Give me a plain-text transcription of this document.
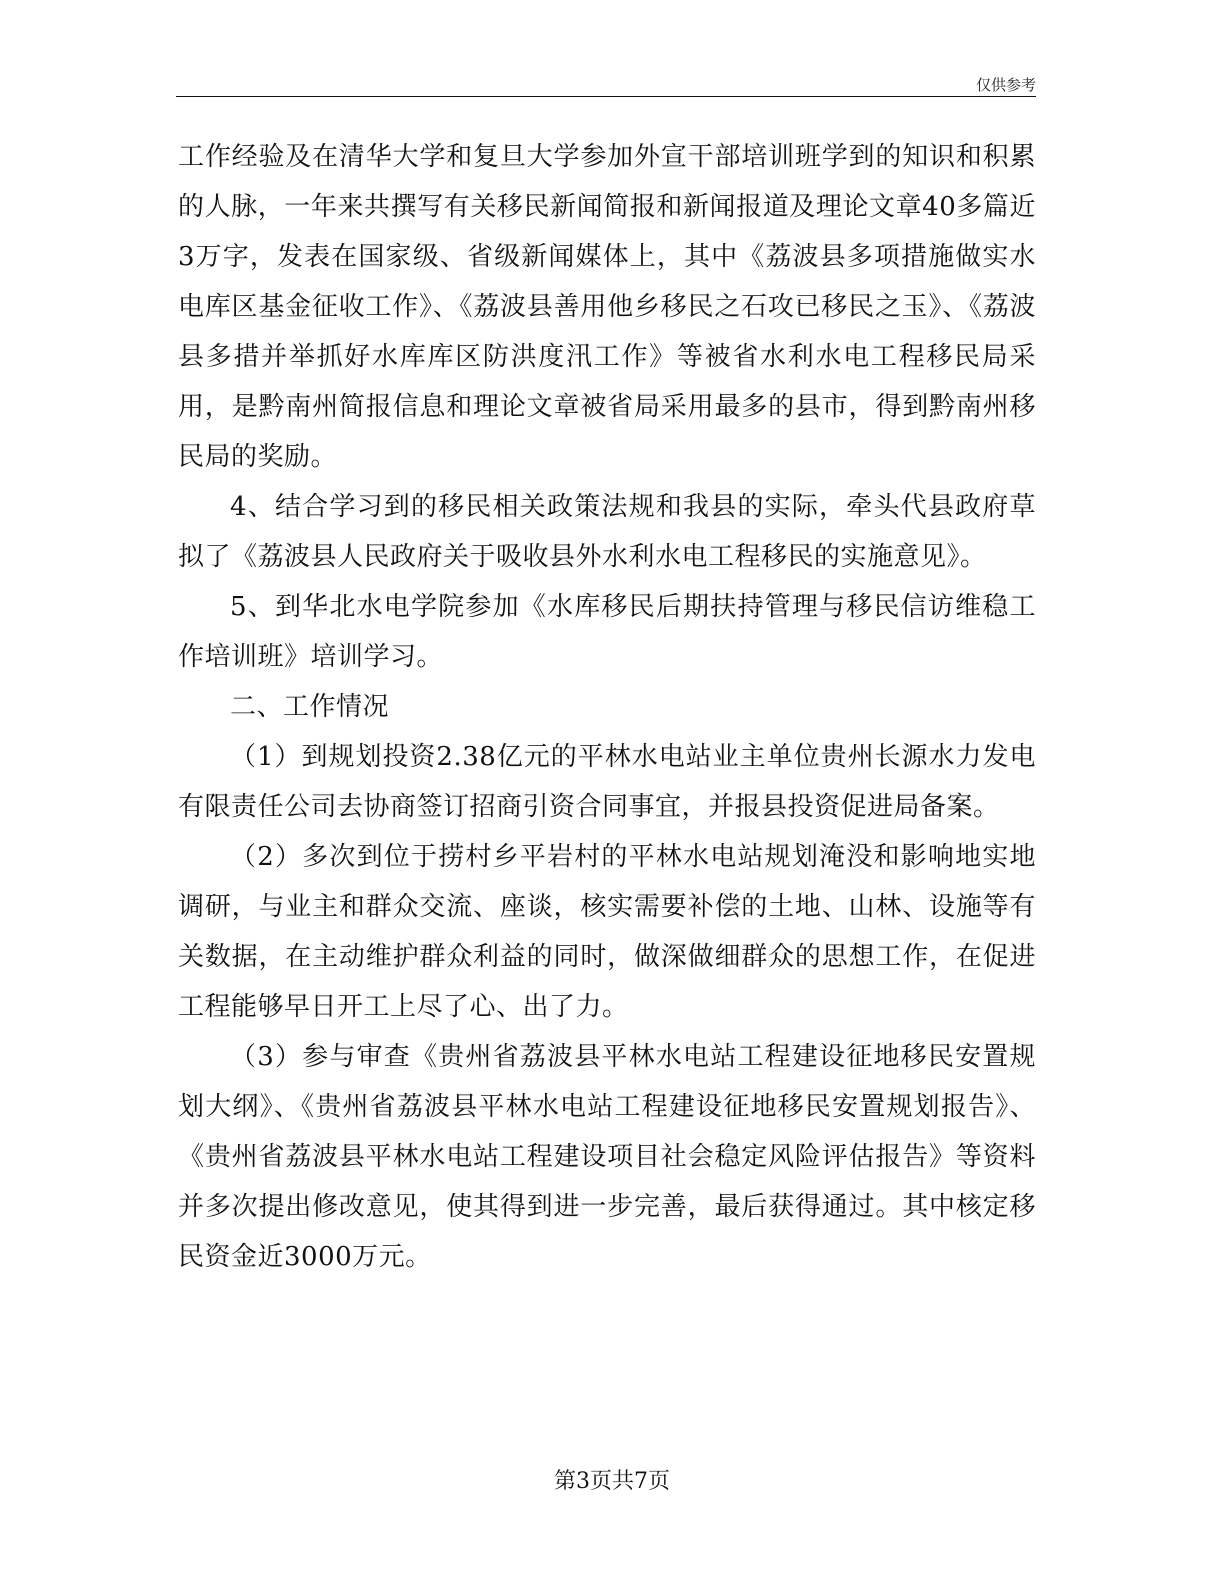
仅供参考

工作经验及在清华大学和复旦大学参加外宣干部培训班学到的知识和积累的人脉，一年来共撰写有关移民新闻简报和新闻报道及理论文章40多篇近3万字，发表在国家级、省级新闻媒体上，其中《荔波县多项措施做实水电库区基金征收工作》、《荔波县善用他乡移民之石攻已移民之玉》、《荔波县多措并举抓好水库库区防洪度汛工作》等被省水利水电工程移民局采用，是黔南州简报信息和理论文章被省局采用最多的县市，得到黔南州移民局的奖励。

4、结合学习到的移民相关政策法规和我县的实际，牵头代县政府草拟了《荔波县人民政府关于吸收县外水利水电工程移民的实施意见》。

5、到华北水电学院参加《水库移民后期扶持管理与移民信访维稳工作培训班》培训学习。

二、工作情况

（1）到规划投资2.38亿元的平林水电站业主单位贵州长源水力发电有限责任公司去协商签订招商引资合同事宜，并报县投资促进局备案。

（2）多次到位于捞村乡平岩村的平林水电站规划淹没和影响地实地调研，与业主和群众交流、座谈，核实需要补偿的土地、山林、设施等有关数据，在主动维护群众利益的同时，做深做细群众的思想工作，在促进工程能够早日开工上尽了心、出了力。

（3）参与审查《贵州省荔波县平林水电站工程建设征地移民安置规划大纲》、《贵州省荔波县平林水电站工程建设征地移民安置规划报告》、《贵州省荔波县平林水电站工程建设项目社会稳定风险评估报告》等资料并多次提出修改意见，使其得到进一步完善，最后获得通过。其中核定移民资金近3000万元。

第3页共7页
